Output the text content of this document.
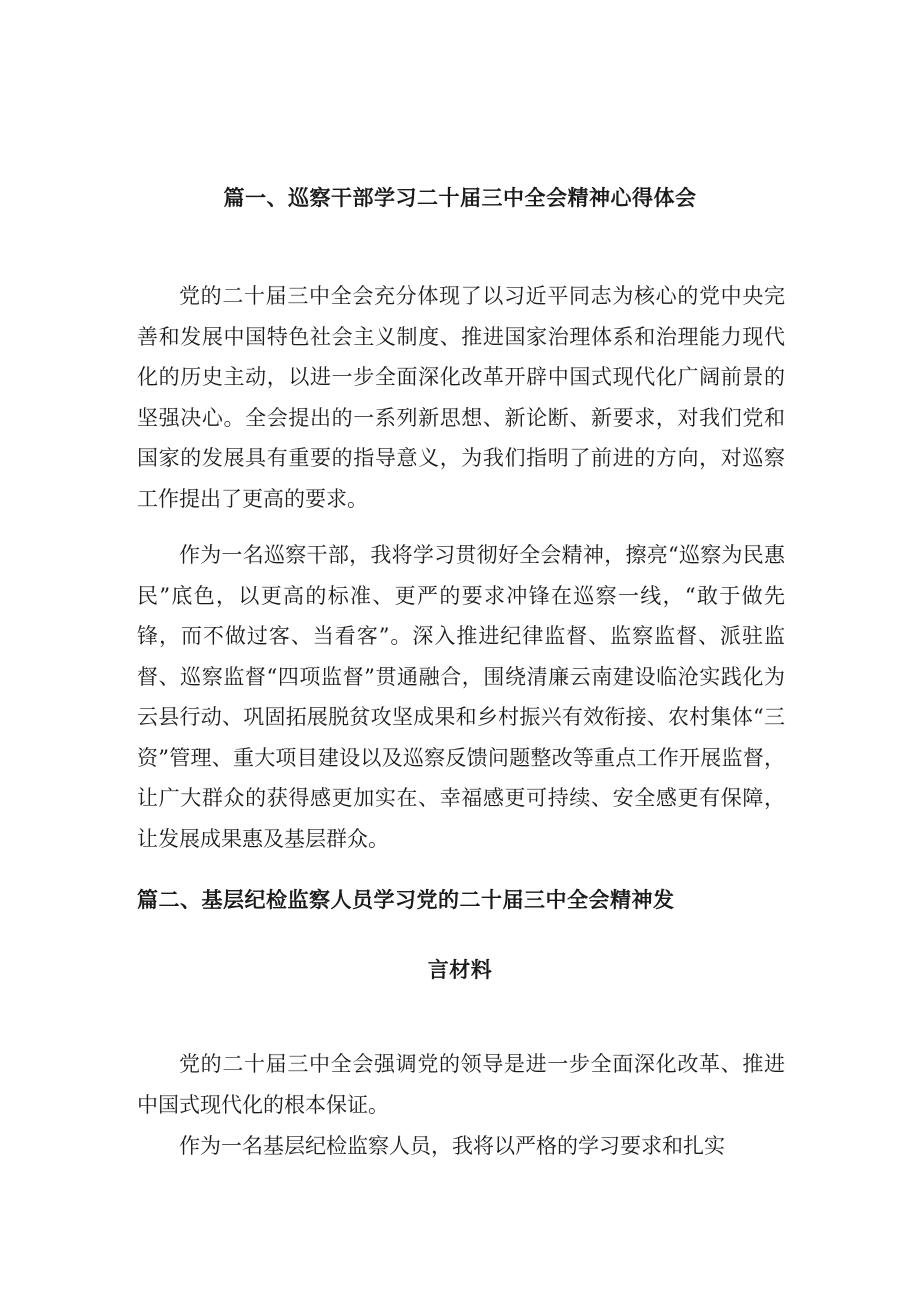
篇一、巡察干部学习二十届三中全会精神心得体会

党的二十届三中全会充分体现了以习近平同志为核心的党中央完善和发展中国特色社会主义制度、推进国家治理体系和治理能力现代化的历史主动，以进一步全面深化改革开辟中国式现代化广阔前景的坚强决心。全会提出的一系列新思想、新论断、新要求，对我们党和国家的发展具有重要的指导意义，为我们指明了前进的方向，对巡察工作提出了更高的要求。

作为一名巡察干部，我将学习贯彻好全会精神，擦亮“巡察为民惠民”底色，以更高的标准、更严的要求冲锋在巡察一线，“敢于做先锋，而不做过客、当看客”。深入推进纪律监督、监察监督、派驻监督、巡察监督“四项监督”贯通融合，围绕清廉云南建设临沧实践化为云县行动、巩固拓展脱贫攻坚成果和乡村振兴有效衔接、农村集体“三资”管理、重大项目建设以及巡察反馈问题整改等重点工作开展监督，让广大群众的获得感更加实在、幸福感更可持续、安全感更有保障，让发展成果惠及基层群众。

篇二、基层纪检监察人员学习党的二十届三中全会精神发
言材料

党的二十届三中全会强调党的领导是进一步全面深化改革、推进中国式现代化的根本保证。

作为一名基层纪检监察人员，我将以严格的学习要求和扎实
